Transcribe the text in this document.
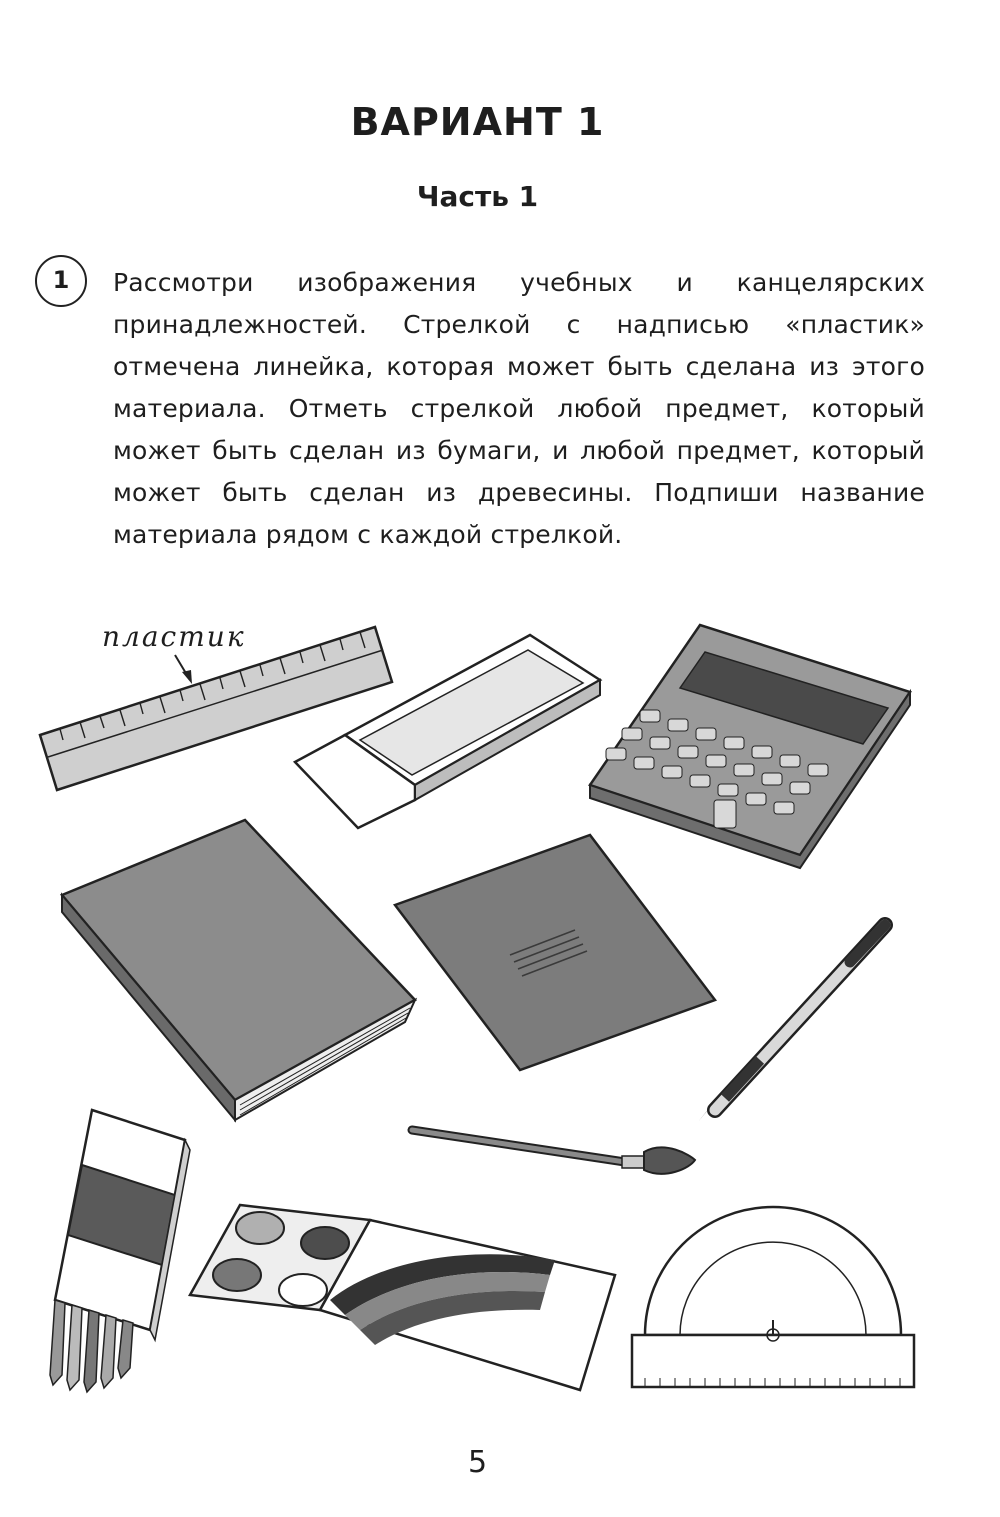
ВАРИАНТ 1
Часть 1
1	Рассмотри изображения учебных и канцелярских принадлежностей. Стрелкой с надписью «пластик» отмечена линейка, которая может быть сделана из этого материала. Отметь стрелкой любой предмет, который может быть сделан из бумаги, и любой предмет, который может быть сделан из древесины. Подпиши название материала рядом с каждой стрелкой.
пластик
5
